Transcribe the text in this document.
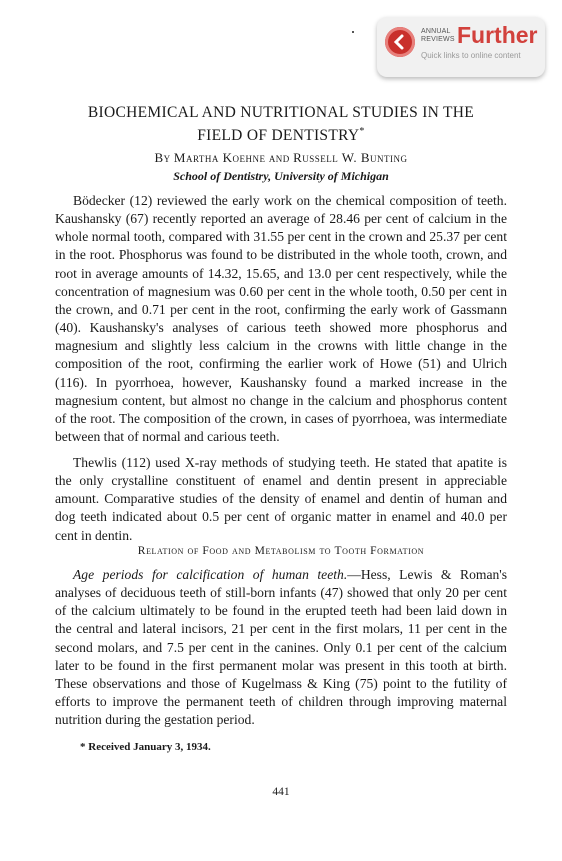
ANNUAL
REVIEWS Further
Quick links to online content
BIOCHEMICAL AND NUTRITIONAL STUDIES IN THE
FIELD OF DENTISTRY*
By Martha Koehne and Russell W. Bunting
School of Dentistry, University of Michigan

Bödecker (12) reviewed the early work on the chemical composition of teeth. Kaushansky (67) recently reported an average of 28.46 per cent of calcium in the whole normal tooth, compared with 31.55 per cent in the crown and 25.37 per cent in the root. Phosphorus was found to be distributed in the whole tooth, crown, and root in average amounts of 14.32, 15.65, and 13.0 per cent respectively, while the concentration of magnesium was 0.60 per cent in the whole tooth, 0.50 per cent in the crown, and 0.71 per cent in the root, confirming the early work of Gassmann (40). Kaushansky's analyses of carious teeth showed more phosphorus and magnesium and slightly less calcium in the crowns with little change in the composition of the root, confirming the earlier work of Howe (51) and Ulrich (116). In pyorrhoea, however, Kaushansky found a marked increase in the magnesium content, but almost no change in the calcium and phosphorus content of the root. The composition of the crown, in cases of pyorrhoea, was intermediate between that of normal and carious teeth.

Thewlis (112) used X-ray methods of studying teeth. He stated that apatite is the only crystalline constituent of enamel and dentin present in appreciable amount. Comparative studies of the density of enamel and dentin of human and dog teeth indicated about 0.5 per cent of organic matter in enamel and 40.0 per cent in dentin.

Relation of Food and Metabolism to Tooth Formation

Age periods for calcification of human teeth.—Hess, Lewis & Roman's analyses of deciduous teeth of still-born infants (47) showed that only 20 per cent of the calcium ultimately to be found in the erupted teeth had been laid down in the central and lateral incisors, 21 per cent in the first molars, 11 per cent in the second molars, and 7.5 per cent in the canines. Only 0.1 per cent of the calcium later to be found in the first permanent molar was present in this tooth at birth. These observations and those of Kugelmass & King (75) point to the futility of efforts to improve the permanent teeth of children through improving maternal nutrition during the gestation period.

* Received January 3, 1934.
441
